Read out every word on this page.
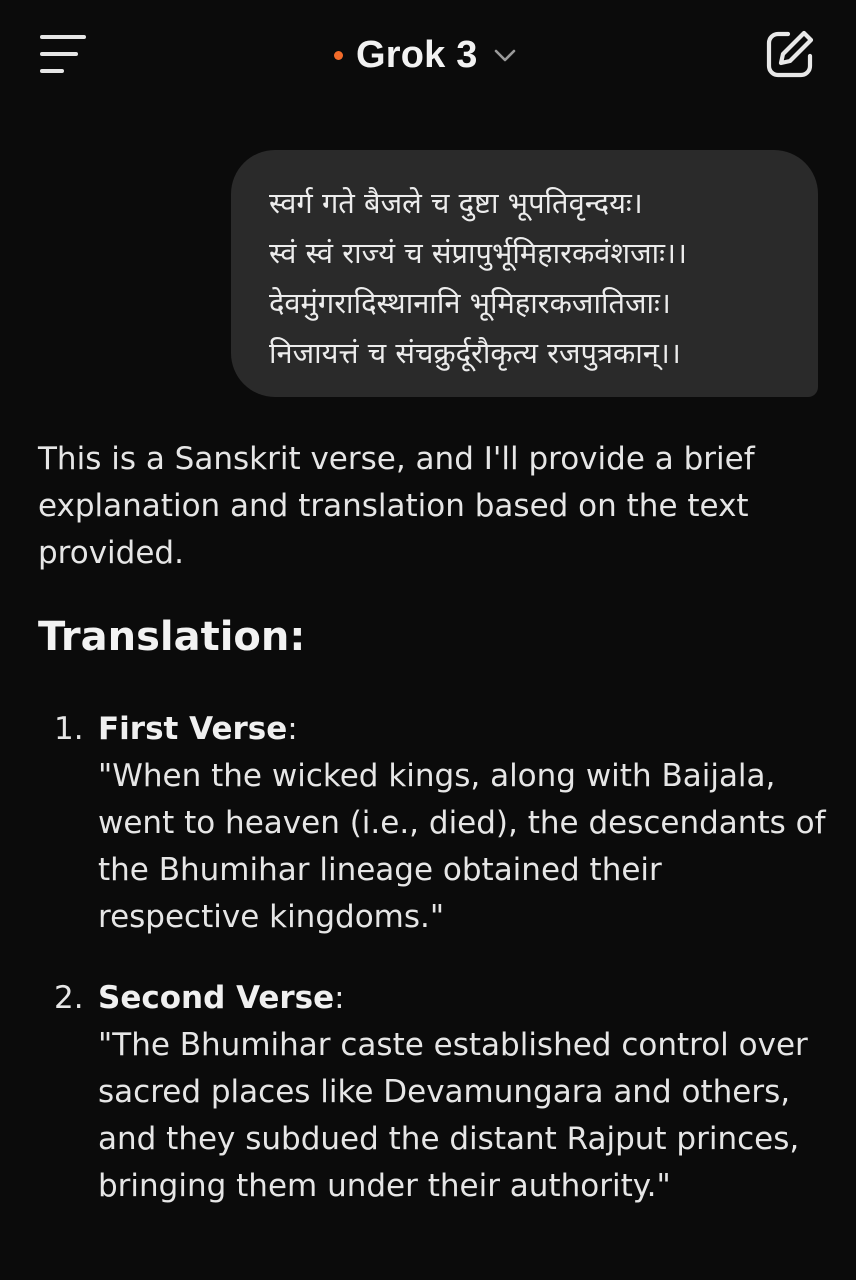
Grok 3
स्वर्ग गते बैजले च दुष्टा भूपतिवृन्दयः।
स्वं स्वं राज्यं च संप्रापुर्भूमिहारकवंशजाः।।
देवमुंगरादिस्थानानि भूमिहारकजातिजाः।
निजायत्तं च संचक्रुर्दूरौकृत्य रजपुत्रकान्।।

This is a Sanskrit verse, and I'll provide a brief explanation and translation based on the text provided.

Translation:
1. First Verse:

"When the wicked kings, along with Baijala, went to heaven (i.e., died), the descendants of the Bhumihar lineage obtained their respective kingdoms."

2. Second Verse:

"The Bhumihar caste established control over sacred places like Devamungara and others, and they subdued the distant Rajput princes, bringing them under their authority."
